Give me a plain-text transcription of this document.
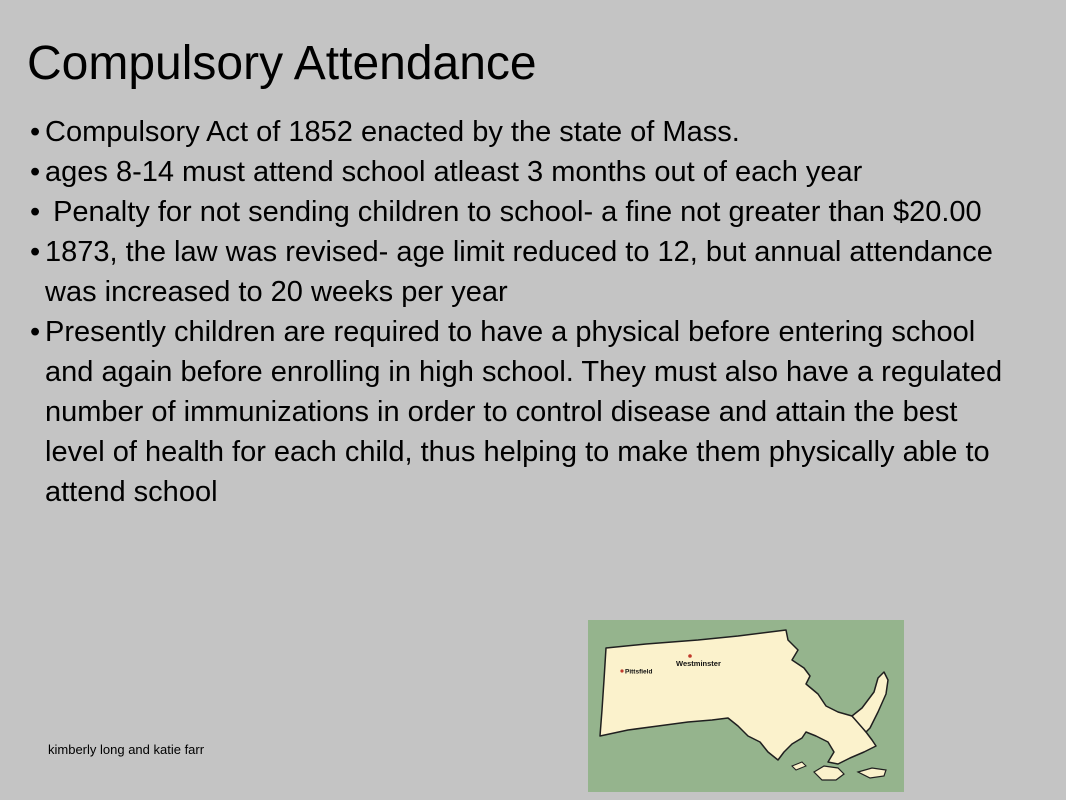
Compulsory Attendance
• Compulsory Act of 1852 enacted by the state of Mass.
• ages 8-14 must attend school atleast 3 months out of each year
•  Penalty for not sending children to school- a fine not greater than $20.00
• 1873, the law was revised- age limit reduced to 12, but annual attendance was increased to 20 weeks per year
• Presently children are required to have a physical before entering school and again before enrolling in high school. They must also have a regulated  number of immunizations in order to control disease and attain the best level of health for each child, thus helping to make them physically able to attend school
kimberly long and katie farr
Westminster
Pittsfield
